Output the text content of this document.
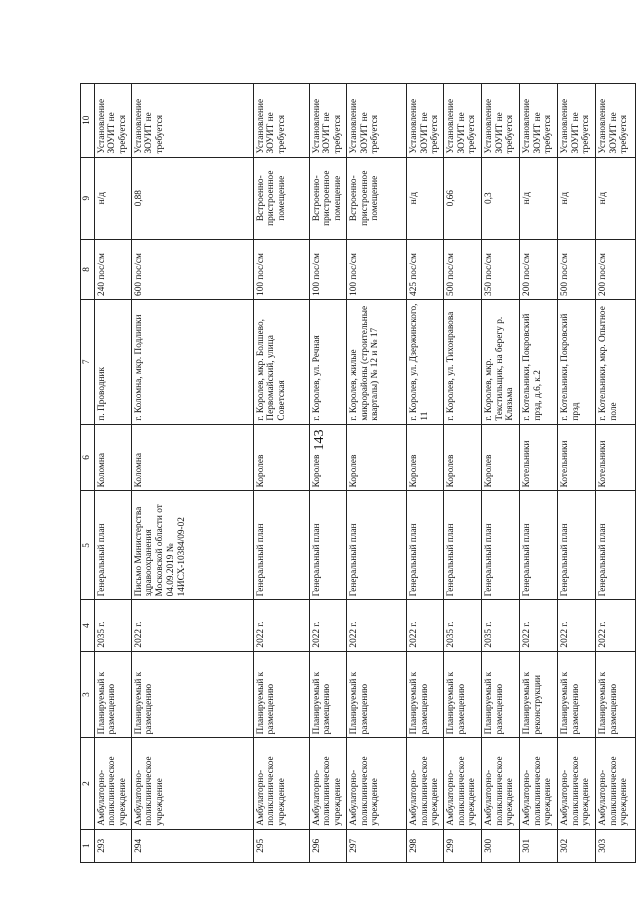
143
1	2	3	4	5	6	7	8	9	10
293	Амбулаторно-поликлиническое учреждение	Планируемый к размещению	2035 г.	Генеральный план	Коломна	п. Проводник	240 пос/см	н/д	Установление ЗОУИТ не требуется
294	Амбулаторно-поликлиническое учреждение	Планируемый к размещению	2022 г.	Письмо Министерства здравоохранения Московской области от 04.09.2019 № 14ИСХ-10384/09-02	Коломна	г. Коломна, мкр. Подлипки	600 пос/см	0,88	Установление ЗОУИТ не требуется
295	Амбулаторно-поликлиническое учреждение	Планируемый к размещению	2022 г.	Генеральный план	Королев	г. Королев, мкр. Болшево, Первомайский, улица Советская	100 пос/см	Встроенно-пристроенное помещение	Установление ЗОУИТ не требуется
296	Амбулаторно-поликлиническое учреждение	Планируемый к размещению	2022 г.	Генеральный план	Королев	г. Королев, ул. Речная	100 пос/см	Встроенно-пристроенное помещение	Установление ЗОУИТ не требуется
297	Амбулаторно-поликлиническое учреждение	Планируемый к размещению	2022 г.	Генеральный план	Королев	г. Королев, жилые микрорайоны (строительные кварталы) № 12 и № 17	100 пос/см	Встроенно-пристроенное помещение	Установление ЗОУИТ не требуется
298	Амбулаторно-поликлиническое учреждение	Планируемый к размещению	2022 г.	Генеральный план	Королев	г. Королев, ул. Дзержинского, 11	425 пос/см	н/д	Установление ЗОУИТ не требуется
299	Амбулаторно-поликлиническое учреждение	Планируемый к размещению	2035 г.	Генеральный план	Королев	г. Королев, ул. Тихонравова	500 пос/см	0,66	Установление ЗОУИТ не требуется
300	Амбулаторно-поликлиническое учреждение	Планируемый к размещению	2035 г.	Генеральный план	Королев	г. Королев, мкр. Текстильщик, на берегу р. Клязьма	350 пос/см	0,3	Установление ЗОУИТ не требуется
301	Амбулаторно-поликлиническое учреждение	Планируемый к реконструкции	2022 г.	Генеральный план	Котельники	г. Котельники, Покровский прзд, д.6, к.2	200 пос/см	н/д	Установление ЗОУИТ не требуется
302	Амбулаторно-поликлиническое учреждение	Планируемый к размещению	2022 г.	Генеральный план	Котельники	г. Котельники, Покровский прзд	500 пос/см	н/д	Установление ЗОУИТ не требуется
303	Амбулаторно-поликлиническое учреждение	Планируемый к размещению	2022 г.	Генеральный план	Котельники	г. Котельники, мкр. Опытное поле	200 пос/см	н/д	Установление ЗОУИТ не требуется
